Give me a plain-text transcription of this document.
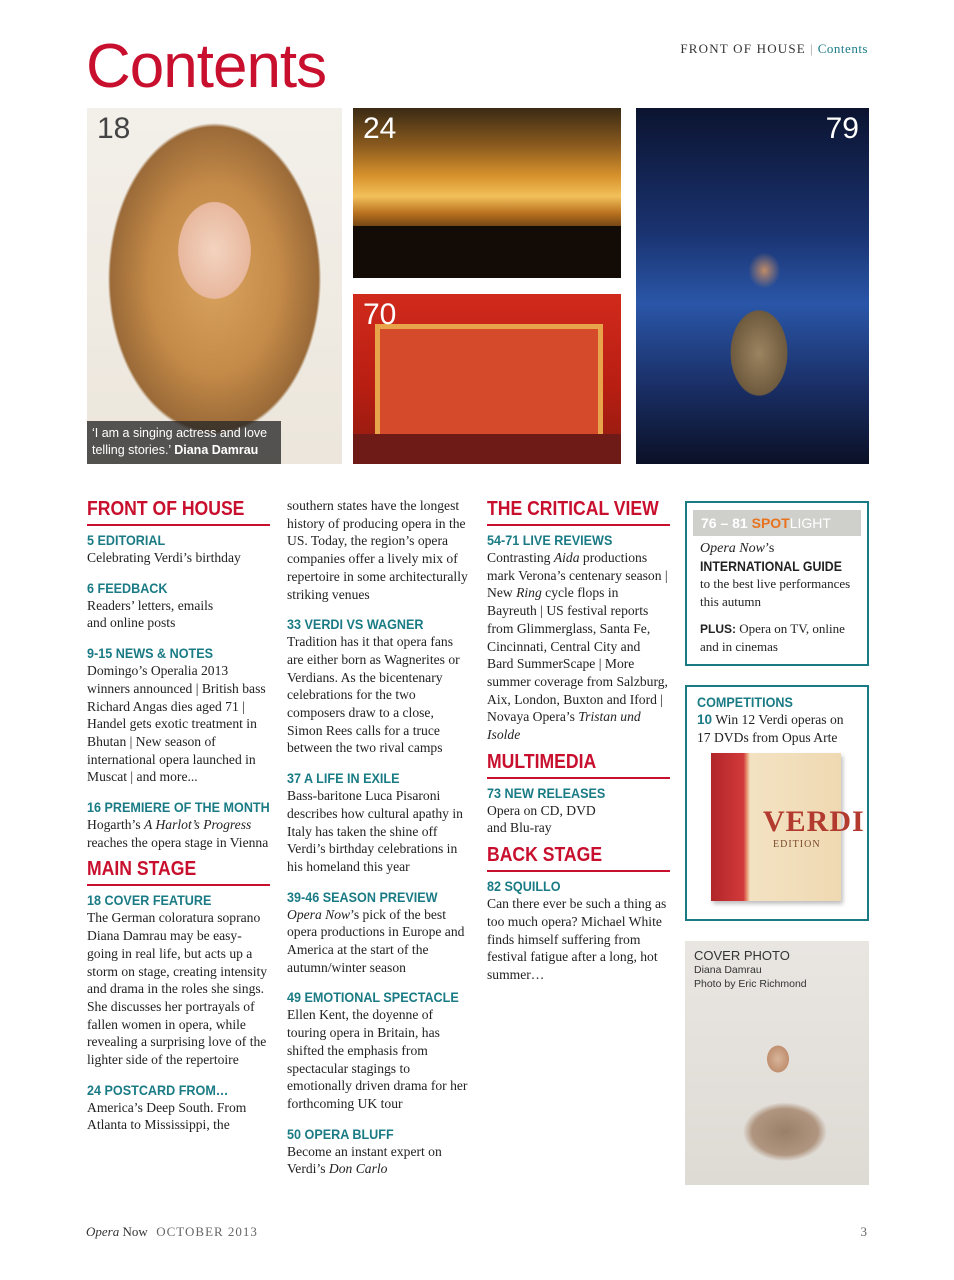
Contents	FRONT OF HOUSE | Contents
18
‘I am a singing actress and love telling stories.’ Diana Damrau
24
70
79
FRONT OF HOUSE
5 EDITORIAL
Celebrating Verdi’s birthday
6 FEEDBACK
Readers’ letters, emails
and online posts
9-15 NEWS & NOTES
Domingo’s Operalia 2013 winners announced | British bass Richard Angas dies aged 71 | Handel gets exotic treatment in Bhutan | New season of international opera launched in Muscat | and more...
16 PREMIERE OF THE MONTH
Hogarth’s A Harlot’s Progress reaches the opera stage in Vienna
MAIN STAGE
18 COVER FEATURE
The German coloratura soprano Diana Damrau may be easy-going in real life, but acts up a storm on stage, creating intensity and drama in the roles she sings. She discusses her portrayals of fallen women in opera, while revealing a surprising love of the lighter side of the repertoire
24 POSTCARD FROM…
America’s Deep South. From Atlanta to Mississippi, the
southern states have the longest history of producing opera in the US. Today, the region’s opera companies offer a lively mix of repertoire in some architecturally striking venues
33 VERDI VS WAGNER
Tradition has it that opera fans are either born as Wagnerites or Verdians. As the bicentenary celebrations for the two composers draw to a close, Simon Rees calls for a truce between the two rival camps
37 A LIFE IN EXILE
Bass-baritone Luca Pisaroni describes how cultural apathy in Italy has taken the shine off Verdi’s birthday celebrations in his homeland this year
39-46 SEASON PREVIEW
Opera Now’s pick of the best opera productions in Europe and America at the start of the autumn/winter season
49 EMOTIONAL SPECTACLE
Ellen Kent, the doyenne of touring opera in Britain, has shifted the emphasis from spectacular stagings to emotionally driven drama for her forthcoming UK tour
50 OPERA BLUFF
Become an instant expert on Verdi’s Don Carlo
THE CRITICAL VIEW
54-71 LIVE REVIEWS
Contrasting Aida productions mark Verona’s centenary season | New Ring cycle flops in Bayreuth | US festival reports from Glimmerglass, Santa Fe, Cincinnati, Central City and Bard SummerScape | More summer coverage from Salzburg, Aix, London, Buxton and Iford | Novaya Opera’s Tristan und Isolde
MULTIMEDIA
73 NEW RELEASES
Opera on CD, DVD
and Blu-ray
BACK STAGE
82 SQUILLO
Can there ever be such a thing as too much opera? Michael White finds himself suffering from festival fatigue after a long, hot summer…
76 – 81 SPOTLIGHT
Opera Now’s
INTERNATIONAL GUIDE
to the best live performances this autumn
PLUS: Opera on TV, online and in cinemas
COMPETITIONS
10 Win 12 Verdi operas on 17 DVDs from Opus Arte
VERDI
EDITION
COVER PHOTO
Diana Damrau
Photo by Eric Richmond
Opera Now OCTOBER 2013	3
